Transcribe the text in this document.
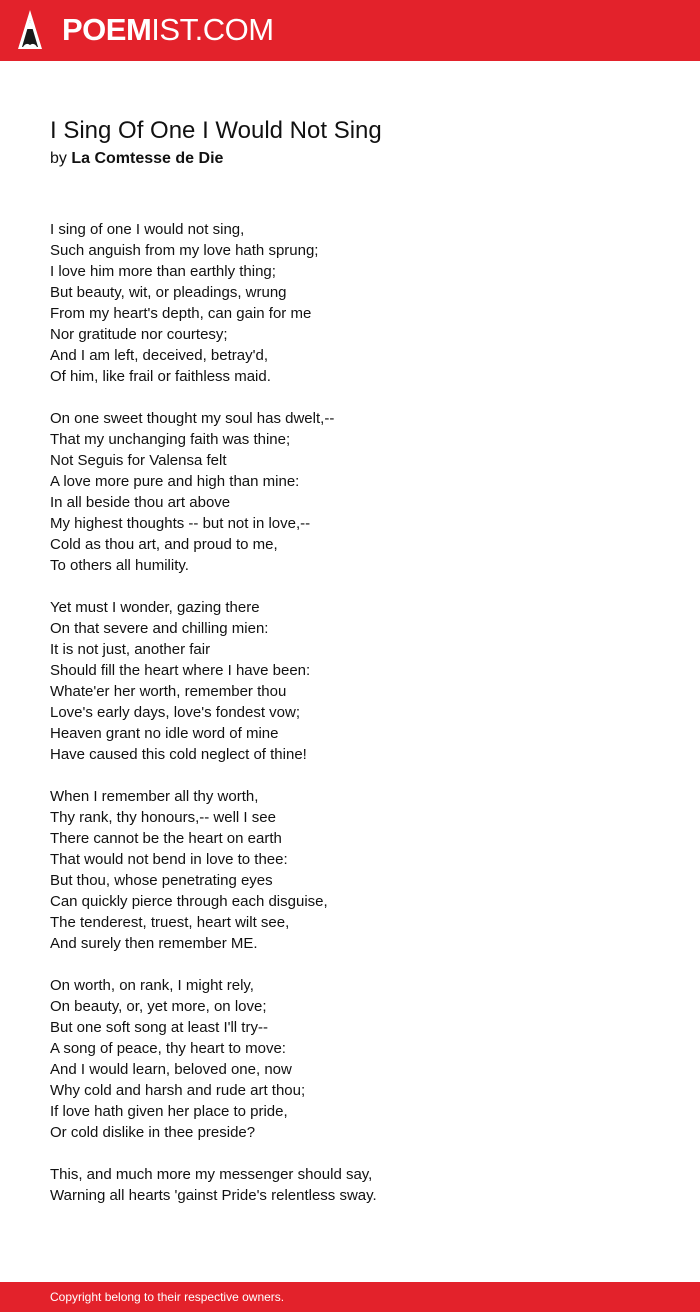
POEMIST.COM
I Sing Of One I Would Not Sing
by La Comtesse de Die
I sing of one I would not sing,
Such anguish from my love hath sprung;
I love him more than earthly thing;
But beauty, wit, or pleadings, wrung
From my heart's depth, can gain for me
Nor gratitude nor courtesy;
And I am left, deceived, betray'd,
Of him, like frail or faithless maid.
On one sweet thought my soul has dwelt,--
That my unchanging faith was thine;
Not Seguis for Valensa felt
A love more pure and high than mine:
In all beside thou art above
My highest thoughts -- but not in love,--
Cold as thou art, and proud to me,
To others all humility.
Yet must I wonder, gazing there
On that severe and chilling mien:
It is not just, another fair
Should fill the heart where I have been:
Whate'er her worth, remember thou
Love's early days, love's fondest vow;
Heaven grant no idle word of mine
Have caused this cold neglect of thine!
When I remember all thy worth,
Thy rank, thy honours,-- well I see
There cannot be the heart on earth
That would not bend in love to thee:
But thou, whose penetrating eyes
Can quickly pierce through each disguise,
The tenderest, truest, heart wilt see,
And surely then remember ME.
On worth, on rank, I might rely,
On beauty, or, yet more, on love;
But one soft song at least I'll try--
A song of peace, thy heart to move:
And I would learn, beloved one, now
Why cold and harsh and rude art thou;
If love hath given her place to pride,
Or cold dislike in thee preside?
This, and much more my messenger should say,
Warning all hearts 'gainst Pride's relentless sway.
Copyright belong to their respective owners.
